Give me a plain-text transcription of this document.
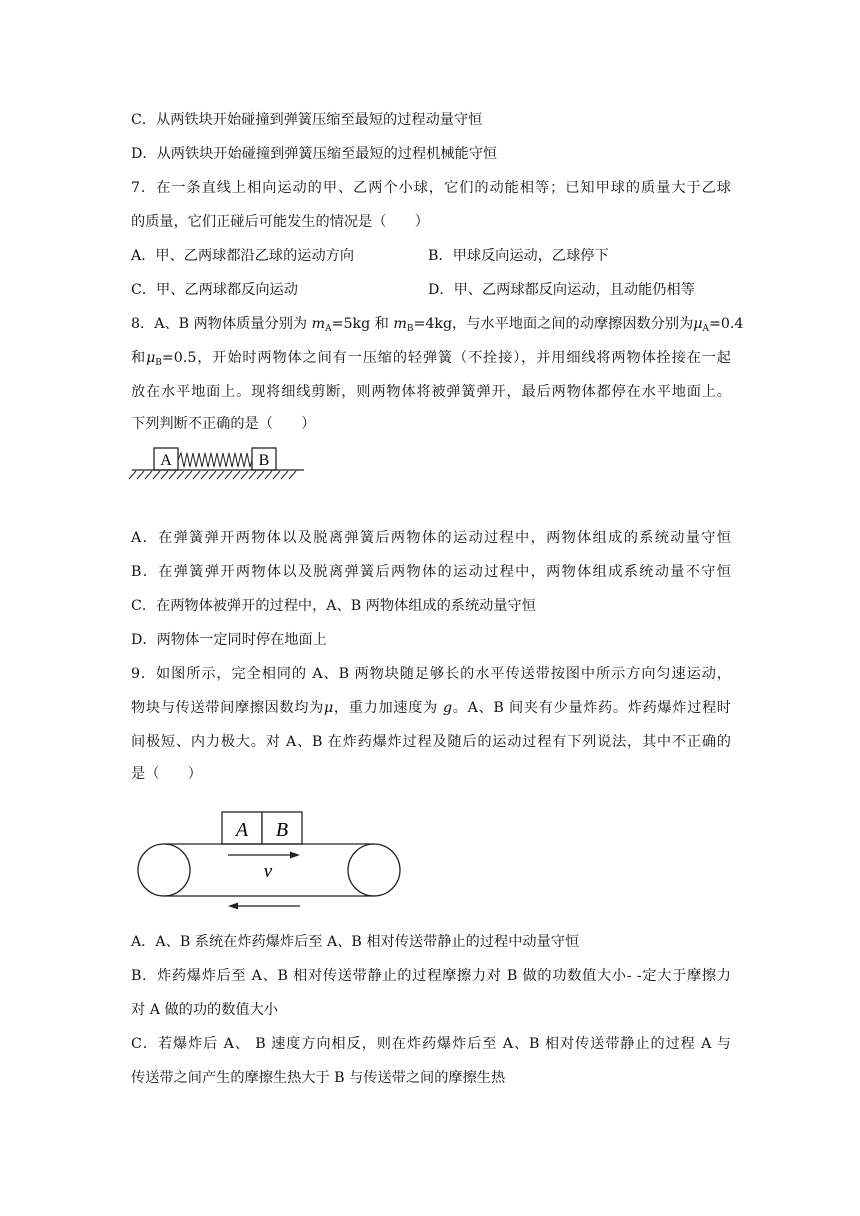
C．从两铁块开始碰撞到弹簧压缩至最短的过程动量守恒
D．从两铁块开始碰撞到弹簧压缩至最短的过程机械能守恒
7．在一条直线上相向运动的甲、乙两个小球，它们的动能相等；已知甲球的质量大于乙球
的质量，它们正碰后可能发生的情况是（　　）
A．甲、乙两球都沿乙球的运动方向	B．甲球反向运动，乙球停下
C．甲、乙两球都反向运动	D．甲、乙两球都反向运动，且动能仍相等
8．A、B 两物体质量分别为 $m_A=5kg$ 和 $m_B=4kg$，与水平地面之间的动摩擦因数分别为$\mu_A=0.4$
和$\mu_B=0.5$，开始时两物体之间有一压缩的轻弹簧（不拴接），并用细线将两物体拴接在一起
放在水平地面上。现将细线剪断，则两物体将被弹簧弹开，最后两物体都停在水平地面上。
下列判断不正确的是（　　）
A	B
A．在弹簧弹开两物体以及脱离弹簧后两物体的运动过程中，两物体组成的系统动量守恒
B．在弹簧弹开两物体以及脱离弹簧后两物体的运动过程中，两物体组成系统动量不守恒
C．在两物体被弹开的过程中，A、B 两物体组成的系统动量守恒
D．两物体一定同时停在地面上
9．如图所示，完全相同的 A、B 两物块随足够长的水平传送带按图中所示方向匀速运动，
物块与传送带间摩擦因数均为μ，重力加速度为 g。A、B 间夹有少量炸药。炸药爆炸过程时
间极短、内力极大。对 A、B 在炸药爆炸过程及随后的运动过程有下列说法，其中不正确的
是（　　）
A B
v
A．A、B 系统在炸药爆炸后至 A、B 相对传送带静止的过程中动量守恒
B．炸药爆炸后至 A、B 相对传送带静止的过程摩擦力对 B 做的功数值大小- -定大于摩擦力
对 A 做的功的数值大小
C．若爆炸后 A、 B 速度方向相反，则在炸药爆炸后至 A、B 相对传送带静止的过程 A 与
传送带之间产生的摩擦生热大于 B 与传送带之间的摩擦生热
